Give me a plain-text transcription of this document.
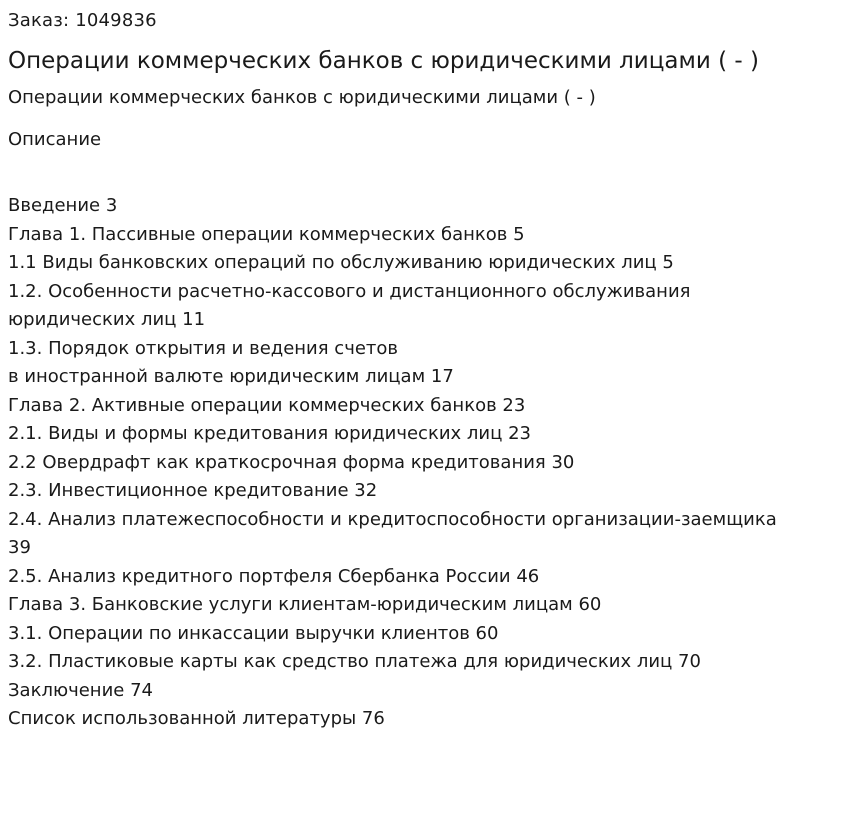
Заказ: 1049836

Операции коммерческих банков с юридическими лицами ( - )

Операции коммерческих банков с юридическими лицами ( - )

Описание

Введение 3
Глава 1. Пассивные операции коммерческих банков 5
1.1 Виды банковских операций по обслуживанию юридических лиц 5
1.2. Особенности расчетно-кассового и дистанционного обслуживания
юридических лиц 11
1.3. Порядок открытия и ведения счетов
в иностранной валюте юридическим лицам 17
Глава 2. Активные операции коммерческих банков 23
2.1. Виды и формы кредитования юридических лиц 23
2.2 Овердрафт как краткосрочная форма кредитования 30
2.3. Инвестиционное кредитование 32
2.4. Анализ платежеспособности и кредитоспособности организации-заемщика
39
2.5. Анализ кредитного портфеля Сбербанка России 46
Глава 3. Банковские услуги клиентам-юридическим лицам 60
3.1. Операции по инкассации выручки клиентов 60
3.2. Пластиковые карты как средство платежа для юридических лиц 70
Заключение 74
Список использованной литературы 76
